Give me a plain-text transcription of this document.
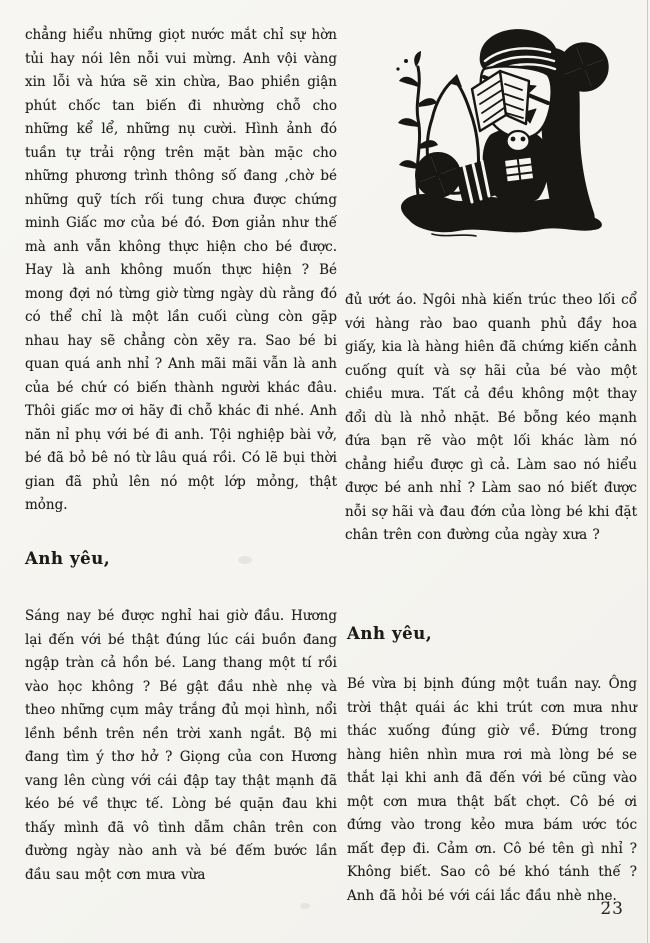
chẳng hiểu những giọt nước mắt chỉ sự hờn tủi hay nói lên nỗi vui mừng. Anh vội vàng xin lỗi và hứa sẽ xin chừa, Bao phiền giận phút chốc tan biến đi nhường chỗ cho những kể lể, những nụ cười. Hình ảnh đó tuần tự trải rộng trên mặt bàn mặc cho những phương trình thông số đang ,chờ bé những quỹ tích rối tung chưa được chứng minh Giấc mơ của bé đó. Đơn giản như thế mà anh vẫn không thực hiện cho bé được. Hay là anh không muốn thực hiện ? Bé mong đợi nó từng giờ từng ngày dù rằng đó có thể chỉ là một lần cuối cùng còn gặp nhau hay sẽ chẳng còn xẽy ra. Sao bé bi quan quá anh nhỉ ? Anh mãi mãi vẫn là anh của bé chứ có biến thành người khác đâu. Thôi giấc mơ ơi hãy đi chỗ khác đi nhé. Anh năn nỉ phụ với bé đi anh. Tội nghiệp bài vở, bé đã bỏ bê nó từ lâu quá rồi. Có lẽ bụi thời gian đã phủ lên nó một lớp mỏng, thật mỏng.

Anh yêu,

Sáng nay bé được nghỉ hai giờ đầu. Hương lại đến với bé thật đúng lúc cái buồn đang ngập tràn cả hồn bé. Lang thang một tí rồi vào học không ? Bé gật đầu nhè nhẹ và theo những cụm mây trắng đủ mọi hình, nổi lềnh bềnh trên nền trời xanh ngắt. Bộ mi đang tìm ý thơ hở ? Giọng của con Hương vang lên cùng với cái đập tay thật mạnh đã kéo bé về thực tế. Lòng bé quặn đau khi thấy mình đã vô tình dẫm chân trên con đường ngày nào anh và bé đếm bước lần đầu sau một cơn mưa vừa

tad

đủ ướt áo. Ngôi nhà kiến trúc theo lối cổ với hàng rào bao quanh phủ đầy hoa giấy, kia là hàng hiên đã chứng kiến cảnh cuống quít và sợ hãi của bé vào một chiều mưa. Tất cả đều không một thay đổi dù là nhỏ nhặt. Bé bỗng kéo mạnh đứa bạn rẽ vào một lối khác làm nó chẳng hiểu được gì cả. Làm sao nó hiểu được bé anh nhỉ ? Làm sao nó biết được nỗi sợ hãi và đau đớn của lòng bé khi đặt chân trên con đường của ngày xưa ?

Anh yêu,

Bé vừa bị bịnh đúng một tuần nay. Ông trời thật quái ác khi trút cơn mưa như thác xuống đúng giờ về. Đứng trong hàng hiên nhìn mưa rơi mà lòng bé se thắt lại khi anh đã đến với bé cũng vào một cơn mưa thật bất chợt. Cô bé ơi đứng vào trong kẻo mưa bám ước tóc mất đẹp đi. Cảm ơn. Cô bé tên gì nhỉ ? Không biết. Sao cô bé khó tánh thế ? Anh đã hỏi bé với cái lắc đầu nhè nhẹ.

23
